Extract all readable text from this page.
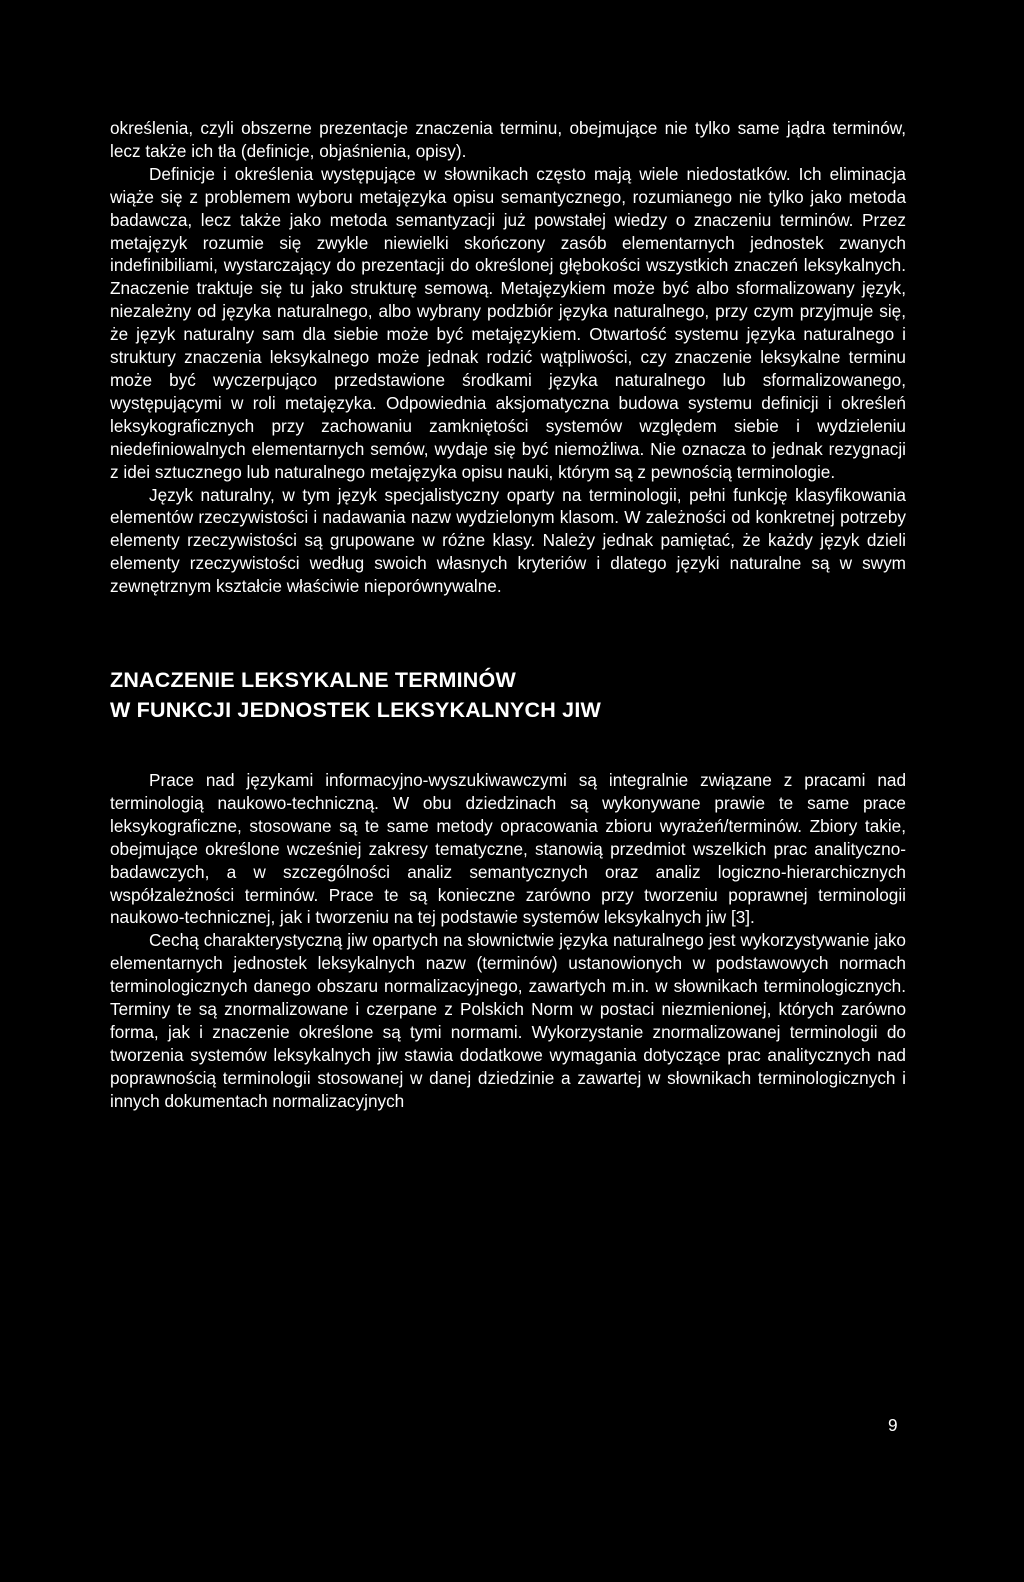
określenia, czyli obszerne prezentacje znaczenia terminu, obejmujące nie tylko same jądra terminów, lecz także ich tła (definicje, objaśnienia, opisy).

Definicje i określenia występujące w słownikach często mają wiele niedostatków. Ich eliminacja wiąże się z problemem wyboru metajęzyka opisu semantycznego, rozumianego nie tylko jako metoda badawcza, lecz także jako metoda semantyzacji już powstałej wiedzy o znaczeniu terminów. Przez metajęzyk rozumie się zwykle niewielki skończony zasób elementarnych jednostek zwanych indefinibiliami, wystarczający do prezentacji do określonej głębokości wszystkich znaczeń leksykalnych. Znaczenie traktuje się tu jako strukturę semową. Metajęzykiem może być albo sformalizowany język, niezależny od języka naturalnego, albo wybrany podzbiór języka naturalnego, przy czym przyjmuje się, że język naturalny sam dla siebie może być metajęzykiem. Otwartość systemu języka naturalnego i struktury znaczenia leksykalnego może jednak rodzić wątpliwości, czy znaczenie leksykalne terminu może być wyczerpująco przedstawione środkami języka naturalnego lub sformalizowanego, występującymi w roli metajęzyka. Odpowiednia aksjomatyczna budowa systemu definicji i określeń leksykograficznych przy zachowaniu zamkniętości systemów względem siebie i wydzieleniu niedefiniowalnych elementarnych semów, wydaje się być niemożliwa. Nie oznacza to jednak rezygnacji z idei sztucznego lub naturalnego metajęzyka opisu nauki, którym są z pewnością terminologie.

Język naturalny, w tym język specjalistyczny oparty na terminologii, pełni funkcję klasyfikowania elementów rzeczywistości i nadawania nazw wydzielonym klasom. W zależności od konkretnej potrzeby elementy rzeczywistości są grupowane w różne klasy. Należy jednak pamiętać, że każdy język dzieli elementy rzeczywistości według swoich własnych kryteriów i dlatego języki naturalne są w swym zewnętrznym kształcie właściwie nieporównywalne.

ZNACZENIE LEKSYKALNE TERMINÓW

W FUNKCJI JEDNOSTEK LEKSYKALNYCH JIW

Prace nad językami informacyjno-wyszukiwawczymi są integralnie związane z pracami nad terminologią naukowo-techniczną. W obu dziedzinach są wykonywane prawie te same prace leksykograficzne, stosowane są te same metody opracowania zbioru wyrażeń/terminów. Zbiory takie, obejmujące określone wcześniej zakresy tematyczne, stanowią przedmiot wszelkich prac analityczno-badawczych, a w szczególności analiz semantycznych oraz analiz logiczno-hierarchicznych współzależności terminów. Prace te są konieczne zarówno przy tworzeniu poprawnej terminologii naukowo-technicznej, jak i tworzeniu na tej podstawie systemów leksykalnych jiw [3].

Cechą charakterystyczną jiw opartych na słownictwie języka naturalnego jest wykorzystywanie jako elementarnych jednostek leksykalnych nazw (terminów) ustanowionych w podstawowych normach terminologicznych danego obszaru normalizacyjnego, zawartych m.in. w słownikach terminologicznych. Terminy te są znormalizowane i czerpane z Polskich Norm w postaci niezmienionej, których zarówno forma, jak i znaczenie określone są tymi normami. Wykorzystanie znormalizowanej terminologii do tworzenia systemów leksykalnych jiw stawia dodatkowe wymagania dotyczące prac analitycznych nad poprawnością terminologii stosowanej w danej dziedzinie a zawartej w słownikach terminologicznych i innych dokumentach normalizacyjnych

9
